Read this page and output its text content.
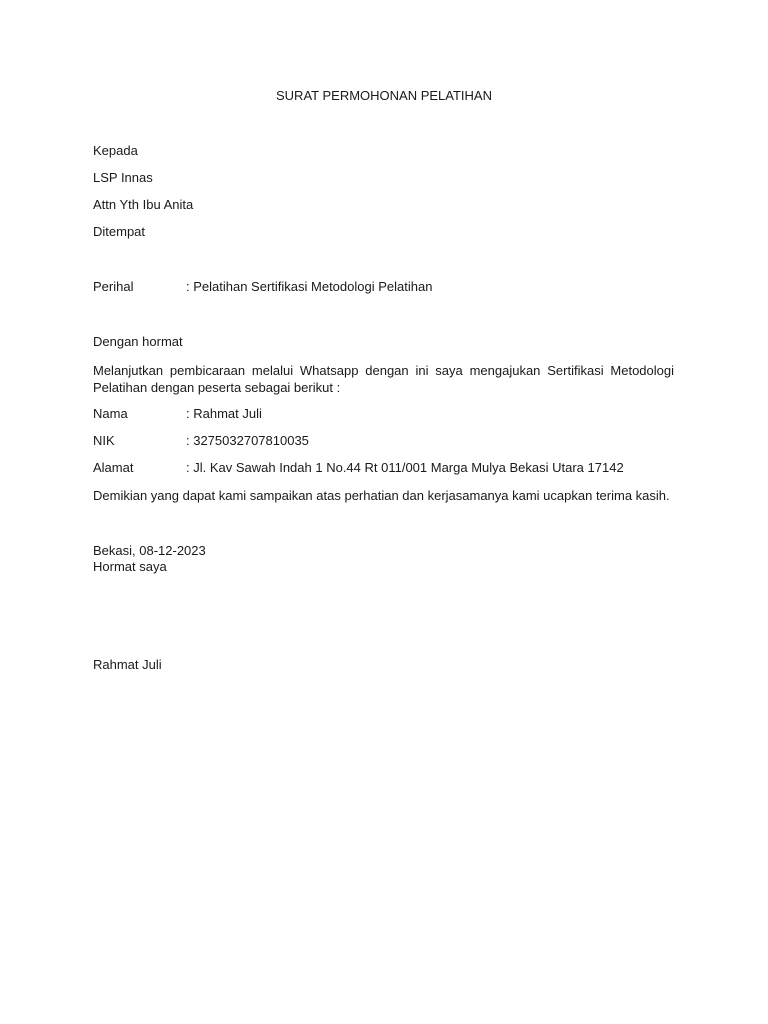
SURAT PERMOHONAN PELATIHAN
Kepada
LSP Innas
Attn Yth Ibu Anita
Ditempat
Perihal	: Pelatihan Sertifikasi Metodologi Pelatihan
Dengan hormat
Melanjutkan pembicaraan melalui Whatsapp dengan ini saya mengajukan Sertifikasi Metodologi Pelatihan dengan peserta sebagai berikut :
Nama	: Rahmat Juli
NIK	: 3275032707810035
Alamat	: Jl. Kav Sawah Indah 1 No.44 Rt 011/001 Marga Mulya Bekasi Utara 17142
Demikian yang dapat kami sampaikan atas perhatian dan kerjasamanya kami ucapkan terima kasih.
Bekasi, 08-12-2023
Hormat saya
Rahmat Juli
